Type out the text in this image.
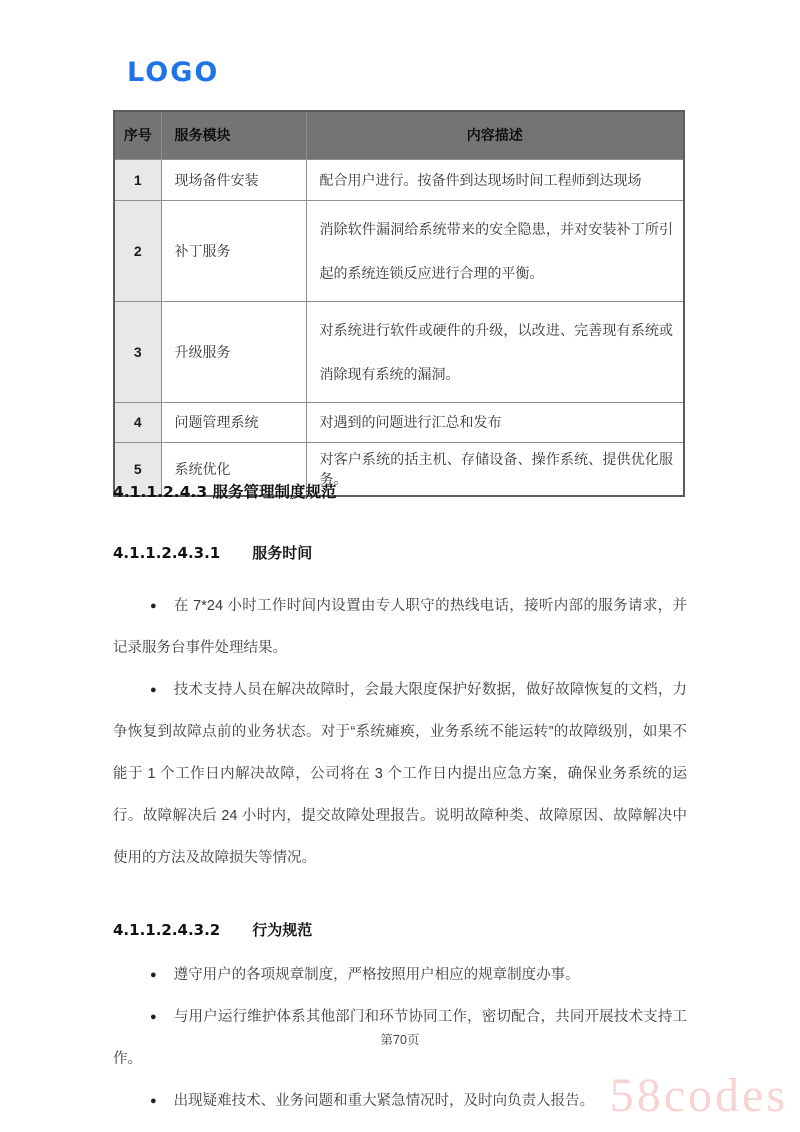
LOGO
序号	服务模块	内容描述
1	现场备件安装	配合用户进行。按备件到达现场时间工程师到达现场
2	补丁服务	消除软件漏洞给系统带来的安全隐患，并对安装补丁所引起的系统连锁反应进行合理的平衡。
3	升级服务	对系统进行软件或硬件的升级，以改进、完善现有系统或消除现有系统的漏洞。
4	问题管理系统	对遇到的问题进行汇总和发布
5	系统优化	对客户系统的括主机、存储设备、操作系统、提供优化服务。
4.1.1.2.4.3 服务管理制度规范
4.1.1.2.4.3.1 服务时间

● 在 7*24 小时工作时间内设置由专人职守的热线电话，接听内部的服务请求，并记录服务台事件处理结果。

● 技术支持人员在解决故障时，会最大限度保护好数据，做好故障恢复的文档，力争恢复到故障点前的业务状态。对于“系统瘫痪，业务系统不能运转”的故障级别，如果不能于 1 个工作日内解决故障，公司将在 3 个工作日内提出应急方案，确保业务系统的运行。故障解决后 24 小时内，提交故障处理报告。说明故障种类、故障原因、故障解决中使用的方法及故障损失等情况。

4.1.1.2.4.3.2 行为规范

● 遵守用户的各项规章制度，严格按照用户相应的规章制度办事。

● 与用户运行维护体系其他部门和环节协同工作，密切配合，共同开展技术支持工作。

● 出现疑难技术、业务问题和重大紧急情况时，及时向负责人报告。

第70页
58codes
